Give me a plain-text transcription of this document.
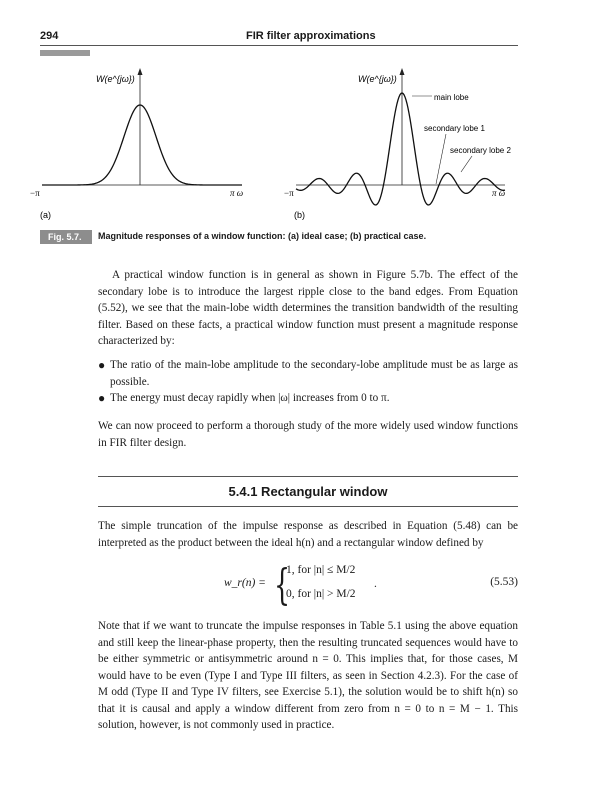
294	FIR filter approximations
W(e^{jω})
−π	π ω
(a)
W(e^{jω})
main lobe
secondary lobe 1
secondary lobe 2
−π	π ω
(b)
Fig. 5.7.	Magnitude responses of a window function: (a) ideal case; (b) practical case.

A practical window function is in general as shown in Figure 5.7b. The effect of the secondary lobe is to introduce the largest ripple close to the band edges. From Equation (5.52), we see that the main-lobe width determines the transition bandwidth of the resulting filter. Based on these facts, a practical window function must present a magnitude response characterized by:

● The ratio of the main-lobe amplitude to the secondary-lobe amplitude must be as large as possible.
● The energy must decay rapidly when |ω| increases from 0 to π.

We can now proceed to perform a thorough study of the more widely used window functions in FIR filter design.

5.4.1 Rectangular window

The simple truncation of the impulse response as described in Equation (5.48) can be interpreted as the product between the ideal h(n) and a rectangular window defined by

w_r(n) = {
1, for |n| ≤ M/2
0, for |n| > M/2
.	(5.53)

Note that if we want to truncate the impulse responses in Table 5.1 using the above equation and still keep the linear-phase property, then the resulting truncated sequences would have to be either symmetric or antisymmetric around n = 0. This implies that, for those cases, M would have to be even (Type I and Type III filters, as seen in Section 4.2.3). For the case of M odd (Type II and Type IV filters, see Exercise 5.1), the solution would be to shift h(n) so that it is causal and apply a window different from zero from n = 0 to n = M − 1. This solution, however, is not commonly used in practice.
